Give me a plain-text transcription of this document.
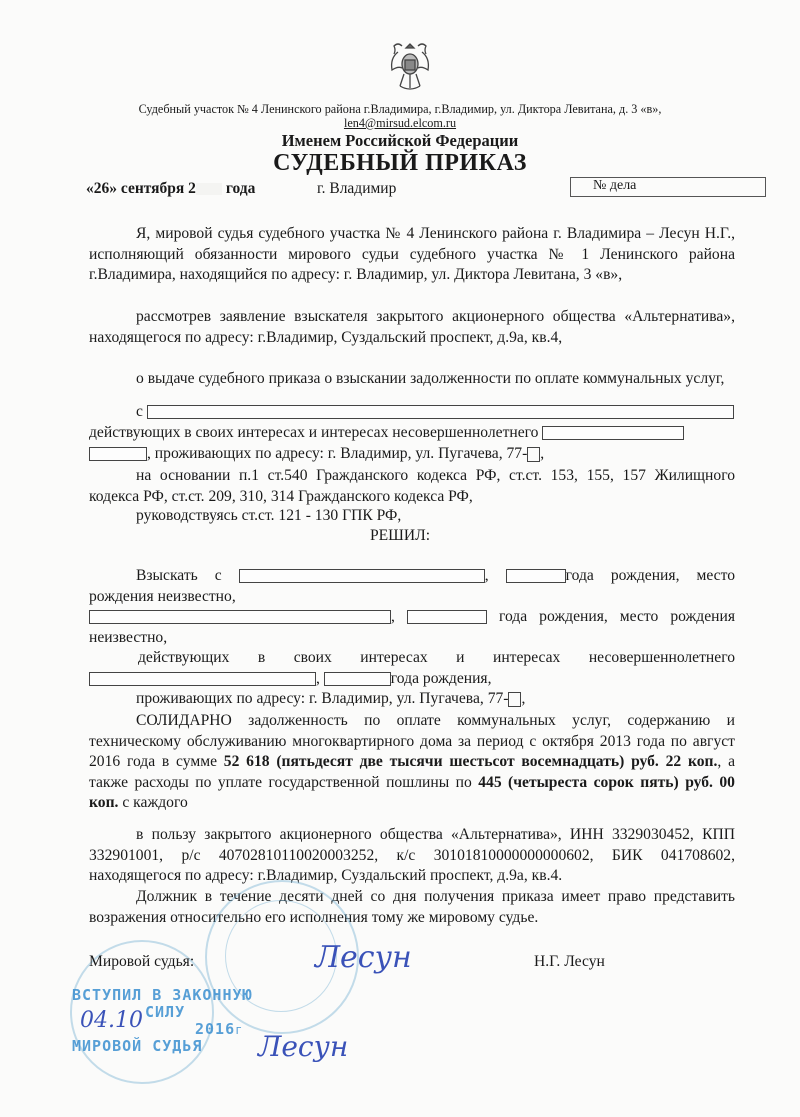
Судебный участок № 4 Ленинского района г.Владимира, г.Владимир, ул. Диктора Левитана, д. 3 «в»,
len4@mirsud.elcom.ru
Именем Российской Федерации
СУДЕБНЫЙ ПРИКАЗ
«26» сентября 2 года	г. Владимир	№ дела
Я, мировой судья судебного участка № 4 Ленинского района г. Владимира – Лесун Н.Г., исполняющий обязанности мирового судьи судебного участка № 1 Ленинского района г.Владимира, находящийся по адресу: г. Владимир, ул. Диктора Левитана, 3 «в»,
рассмотрев заявление взыскателя закрытого акционерного общества «Альтернатива», находящегося по адресу: г.Владимир, Суздальский проспект, д.9а, кв.4,
о выдаче судебного приказа о взыскании задолженности по оплате коммунальных услуг,
с
действующих в своих интересах и интересах несовершеннолетнего
, проживающих по адресу: г. Владимир, ул. Пугачева, 77- ,
на основании п.1 ст.540 Гражданского кодекса РФ, ст.ст. 153, 155, 157 Жилищного кодекса РФ, ст.ст. 209, 310, 314 Гражданского кодекса РФ,
руководствуясь ст.ст. 121 - 130 ГПК РФ,
РЕШИЛ:
Взыскать с	,	года рождения, место
рождения неизвестно,
,	года рождения, место рождения
неизвестно,
действующих в своих интересах и интересах несовершеннолетнего
,	года рождения,
проживающих по адресу: г. Владимир, ул. Пугачева, 77- ,
СОЛИДАРНО задолженность по оплате коммунальных услуг, содержанию и техническому обслуживанию многоквартирного дома за период с октября 2013 года по август 2016 года в сумме 52 618 (пятьдесят две тысячи шестьсот восемнадцать) руб. 22 коп., а также расходы по уплате государственной пошлины по 445 (четыреста сорок пять) руб. 00 коп. с каждого
в пользу закрытого акционерного общества «Альтернатива», ИНН 3329030452, КПП 332901001, р/с 40702810110020003252, к/с 30101810000000000602, БИК 041708602, находящегося по адресу: г.Владимир, Суздальский проспект, д.9а, кв.4.
Должник в течение десяти дней со дня получения приказа имеет право представить возражения относительно его исполнения тому же мировому судье.
Мировой судья:	Н.Г. Лесун
Лесун
ВСТУПИЛ В ЗАКОННУЮ
СИЛУ
04.10	2016г
МИРОВОЙ СУДЬЯ Лесун
